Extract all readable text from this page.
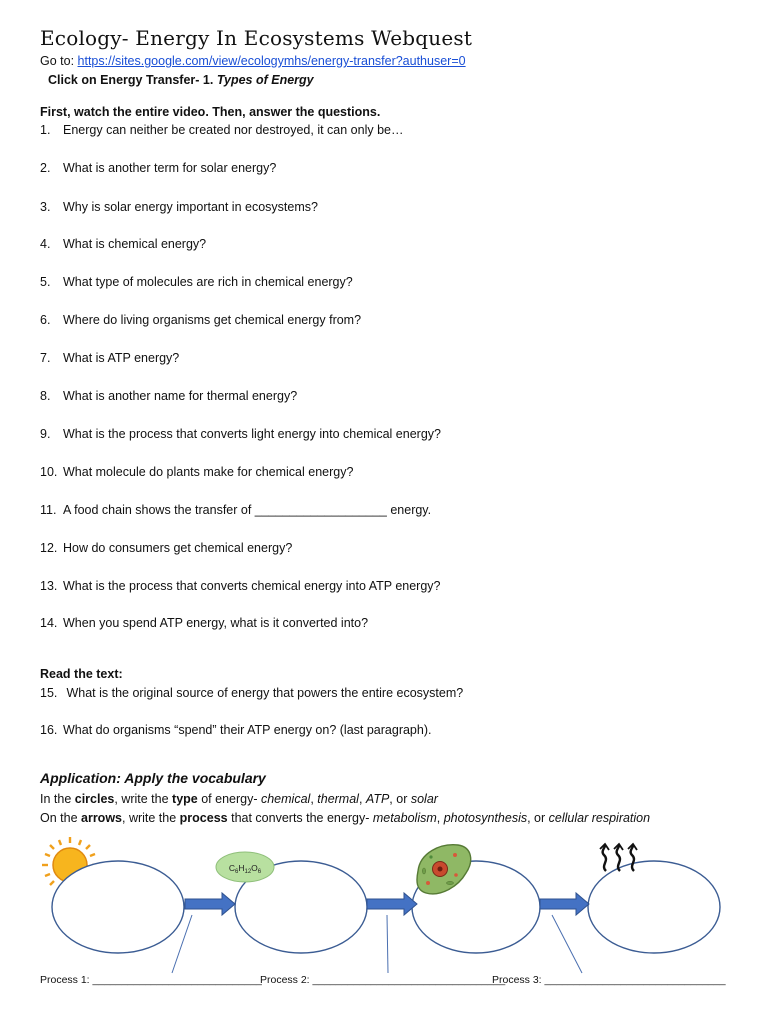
Ecology- Energy In Ecosystems Webquest
Go to: https://sites.google.com/view/ecologymhs/energy-transfer?authuser=0
Click on Energy Transfer- 1. Types of Energy
First, watch the entire video. Then, answer the questions.
1. Energy can neither be created nor destroyed, it can only be…
2. What is another term for solar energy?
3. Why is solar energy important in ecosystems?
4. What is chemical energy?
5. What type of molecules are rich in chemical energy?
6. Where do living organisms get chemical energy from?
7. What is ATP energy?
8. What is another name for thermal energy?
9. What is the process that converts light energy into chemical energy?
10. What molecule do plants make for chemical energy?
11. A food chain shows the transfer of ___________________ energy.
12. How do consumers get chemical energy?
13. What is the process that converts chemical energy into ATP energy?
14. When you spend ATP energy, what is it converted into?
15. What is the original source of energy that powers the entire ecosystem?
16. What do organisms “spend” their ATP energy on? (last paragraph).
Read the text:
Application: Apply the vocabulary
In the circles, write the type of energy- chemical, thermal, ATP, or solar
On the arrows, write the process that converts the energy- metabolism, photosynthesis, or cellular respiration
$C_6H_{12}O_6$
Process 1: _____________________________
Process 2: _________________________________
Process 3: _______________________________
